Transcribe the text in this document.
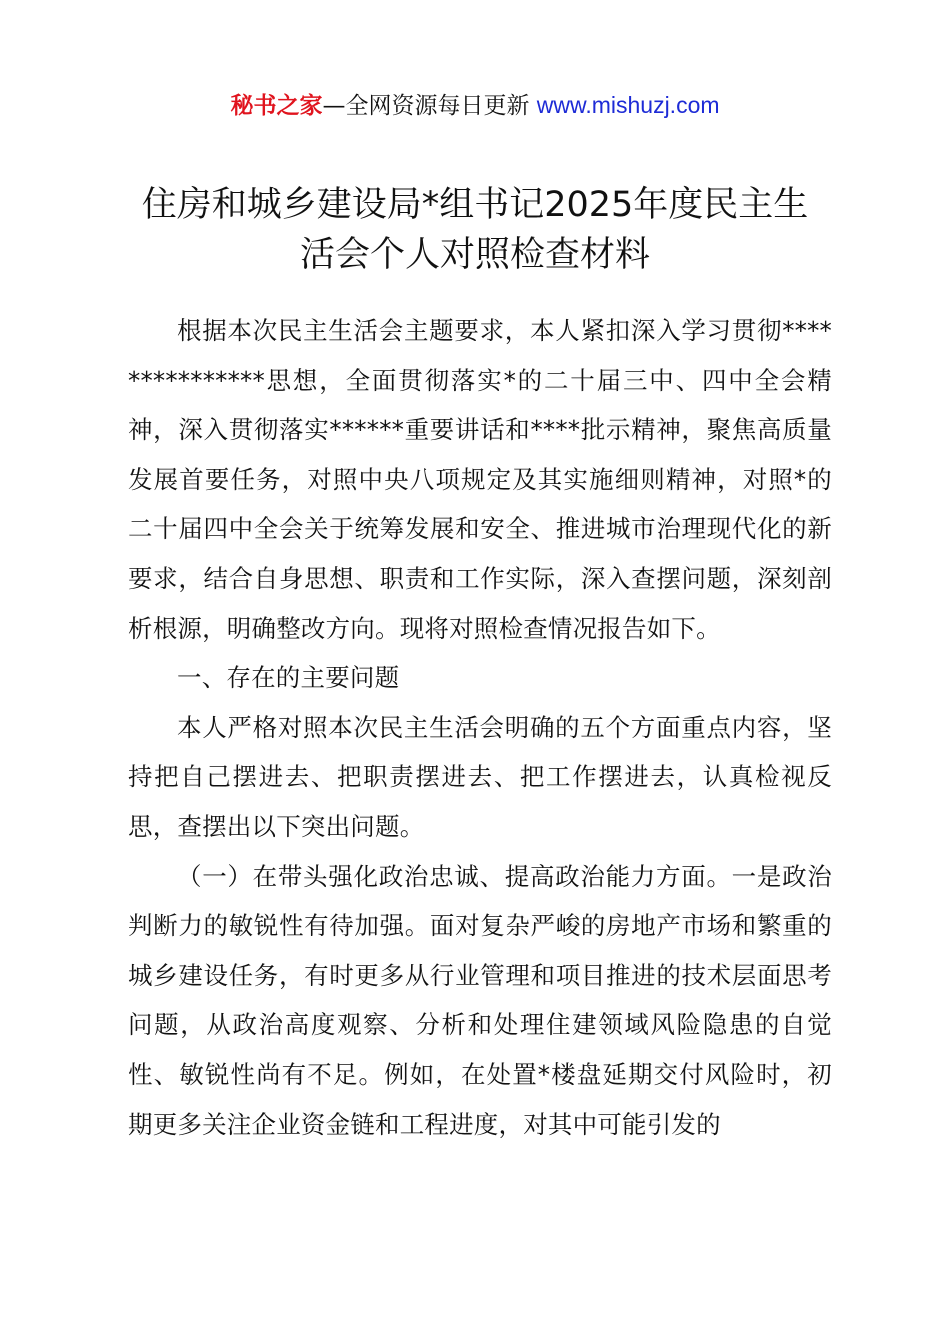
秘书之家—全网资源每日更新 www.mishuzj.com
住房和城乡建设局*组书记2025年度民主生
活会个人对照检查材料

根据本次民主生活会主题要求，本人紧扣深入学习贯彻***************思想，全面贯彻落实*的二十届三中、四中全会精神，深入贯彻落实******重要讲话和****批示精神，聚焦高质量发展首要任务，对照中央八项规定及其实施细则精神，对照*的二十届四中全会关于统筹发展和安全、推进城市治理现代化的新要求，结合自身思想、职责和工作实际，深入查摆问题，深刻剖析根源，明确整改方向。现将对照检查情况报告如下。

一、存在的主要问题

本人严格对照本次民主生活会明确的五个方面重点内容，坚持把自己摆进去、把职责摆进去、把工作摆进去，认真检视反思，查摆出以下突出问题。

（一）在带头强化政治忠诚、提高政治能力方面。一是政治判断力的敏锐性有待加强。面对复杂严峻的房地产市场和繁重的城乡建设任务，有时更多从行业管理和项目推进的技术层面思考问题，从政治高度观察、分析和处理住建领域风险隐患的自觉性、敏锐性尚有不足。例如，在处置*楼盘延期交付风险时，初期更多关注企业资金链和工程进度，对其中可能引发的
